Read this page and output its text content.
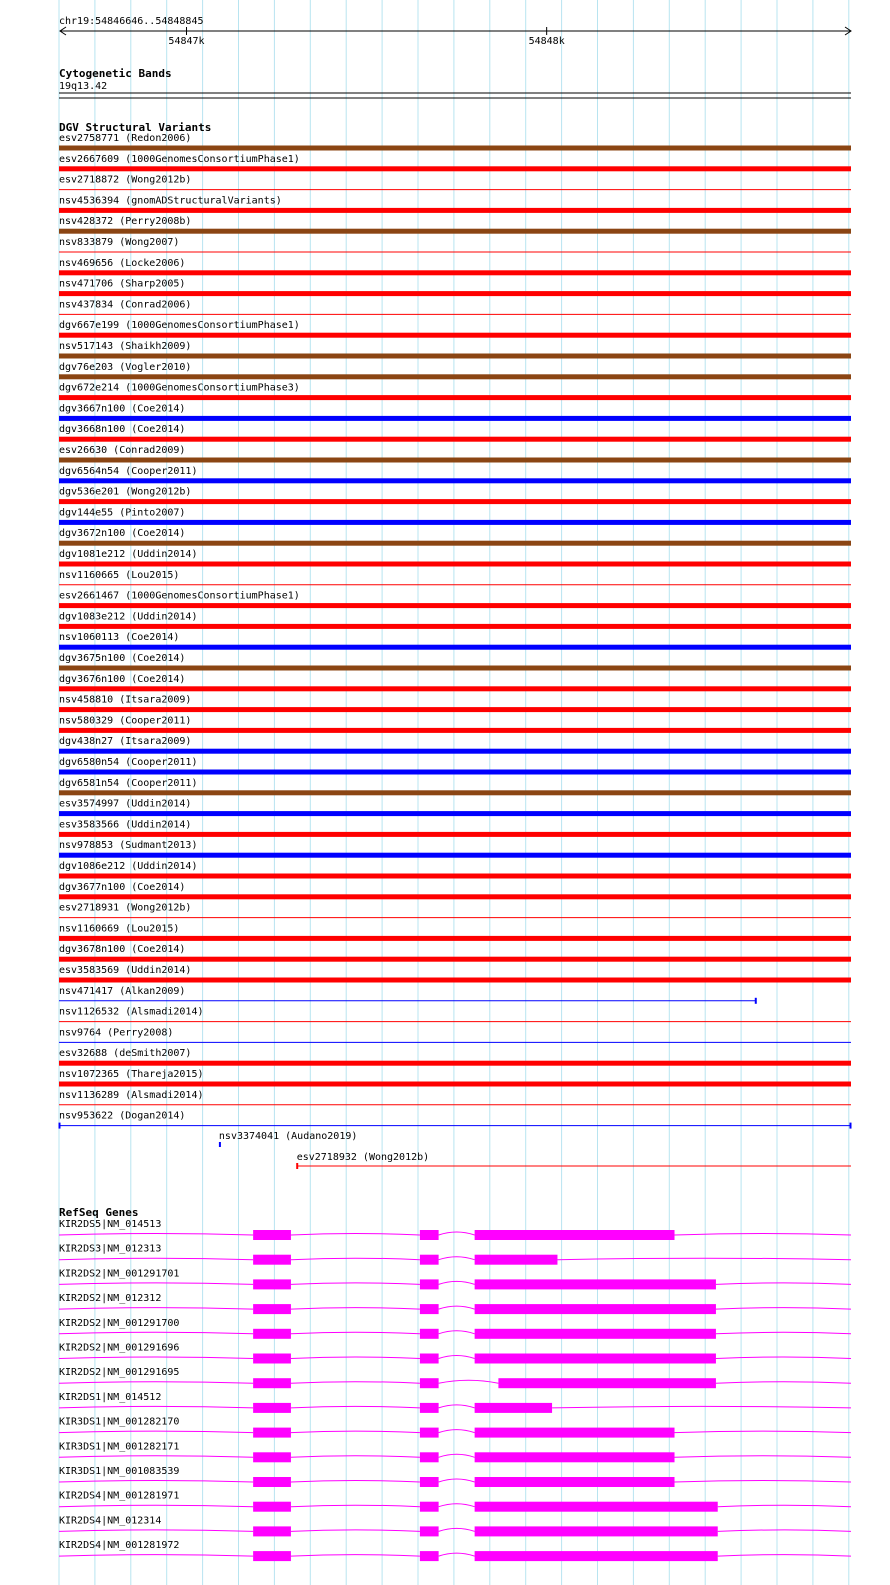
chr19:54846646..54848845
54847k	54848k
Cytogenetic Bands
19q13.42
DGV Structural Variants
esv2758771 (Redon2006)
esv2667609 (1000GenomesConsortiumPhase1)
esv2718872 (Wong2012b)
nsv4536394 (gnomADStructuralVariants)
nsv428372 (Perry2008b)
nsv833879 (Wong2007)
nsv469656 (Locke2006)
nsv471706 (Sharp2005)
nsv437834 (Conrad2006)
dgv667e199 (1000GenomesConsortiumPhase1)
nsv517143 (Shaikh2009)
dgv76e203 (Vogler2010)
dgv672e214 (1000GenomesConsortiumPhase3)
dgv3667n100 (Coe2014)
dgv3668n100 (Coe2014)
esv26630 (Conrad2009)
dgv6564n54 (Cooper2011)
dgv536e201 (Wong2012b)
dgv144e55 (Pinto2007)
dgv3672n100 (Coe2014)
dgv1081e212 (Uddin2014)
nsv1160665 (Lou2015)
esv2661467 (1000GenomesConsortiumPhase1)
dgv1083e212 (Uddin2014)
nsv1060113 (Coe2014)
dgv3675n100 (Coe2014)
dgv3676n100 (Coe2014)
nsv458810 (Itsara2009)
nsv580329 (Cooper2011)
dgv438n27 (Itsara2009)
dgv6580n54 (Cooper2011)
dgv6581n54 (Cooper2011)
esv3574997 (Uddin2014)
esv3583566 (Uddin2014)
nsv978853 (Sudmant2013)
dgv1086e212 (Uddin2014)
dgv3677n100 (Coe2014)
esv2718931 (Wong2012b)
nsv1160669 (Lou2015)
dgv3678n100 (Coe2014)
esv3583569 (Uddin2014)
nsv471417 (Alkan2009)
nsv1126532 (Alsmadi2014)
nsv9764 (Perry2008)
esv32688 (deSmith2007)
nsv1072365 (Thareja2015)
nsv1136289 (Alsmadi2014)
nsv953622 (Dogan2014)
nsv3374041 (Audano2019)
esv2718932 (Wong2012b)
RefSeq Genes
KIR2DS5|NM_014513
KIR2DS3|NM_012313
KIR2DS2|NM_001291701
KIR2DS2|NM_012312
KIR2DS2|NM_001291700
KIR2DS2|NM_001291696
KIR2DS2|NM_001291695
KIR2DS1|NM_014512
KIR3DS1|NM_001282170
KIR3DS1|NM_001282171
KIR3DS1|NM_001083539
KIR2DS4|NM_001281971
KIR2DS4|NM_012314
KIR2DS4|NM_001281972
